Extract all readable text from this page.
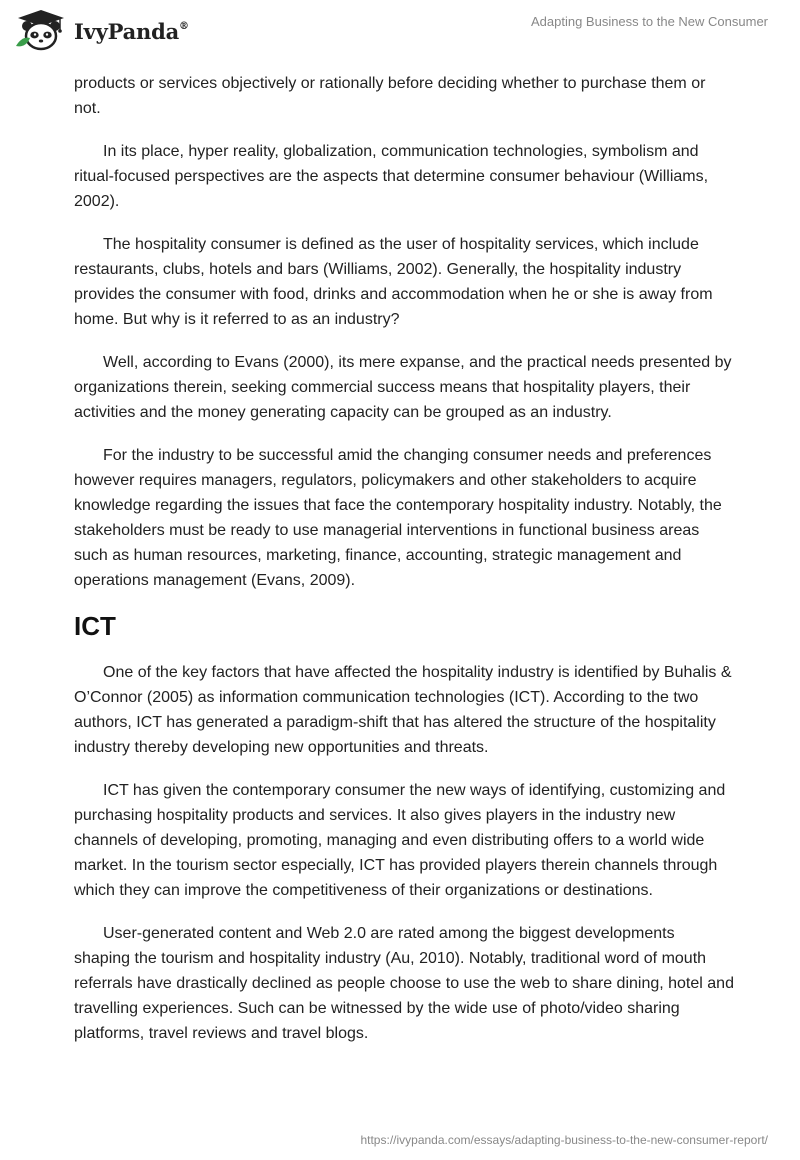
IvyPanda®	Adapting Business to the New Consumer

products or services objectively or rationally before deciding whether to purchase them or not.

In its place, hyper reality, globalization, communication technologies, symbolism and ritual-focused perspectives are the aspects that determine consumer behaviour (Williams, 2002).

The hospitality consumer is defined as the user of hospitality services, which include restaurants, clubs, hotels and bars (Williams, 2002). Generally, the hospitality industry provides the consumer with food, drinks and accommodation when he or she is away from home. But why is it referred to as an industry?

Well, according to Evans (2000), its mere expanse, and the practical needs presented by organizations therein, seeking commercial success means that hospitality players, their activities and the money generating capacity can be grouped as an industry.

For the industry to be successful amid the changing consumer needs and preferences however requires managers, regulators, policymakers and other stakeholders to acquire knowledge regarding the issues that face the contemporary hospitality industry. Notably, the stakeholders must be ready to use managerial interventions in functional business areas such as human resources, marketing, finance, accounting, strategic management and operations management (Evans, 2009).

ICT

One of the key factors that have affected the hospitality industry is identified by Buhalis & O’Connor (2005) as information communication technologies (ICT). According to the two authors, ICT has generated a paradigm-shift that has altered the structure of the hospitality industry thereby developing new opportunities and threats.

ICT has given the contemporary consumer the new ways of identifying, customizing and purchasing hospitality products and services. It also gives players in the industry new channels of developing, promoting, managing and even distributing offers to a world wide market. In the tourism sector especially, ICT has provided players therein channels through which they can improve the competitiveness of their organizations or destinations.

User-generated content and Web 2.0 are rated among the biggest developments shaping the tourism and hospitality industry (Au, 2010). Notably, traditional word of mouth referrals have drastically declined as people choose to use the web to share dining, hotel and travelling experiences. Such can be witnessed by the wide use of photo/video sharing platforms, travel reviews and travel blogs.

https://ivypanda.com/essays/adapting-business-to-the-new-consumer-report/
